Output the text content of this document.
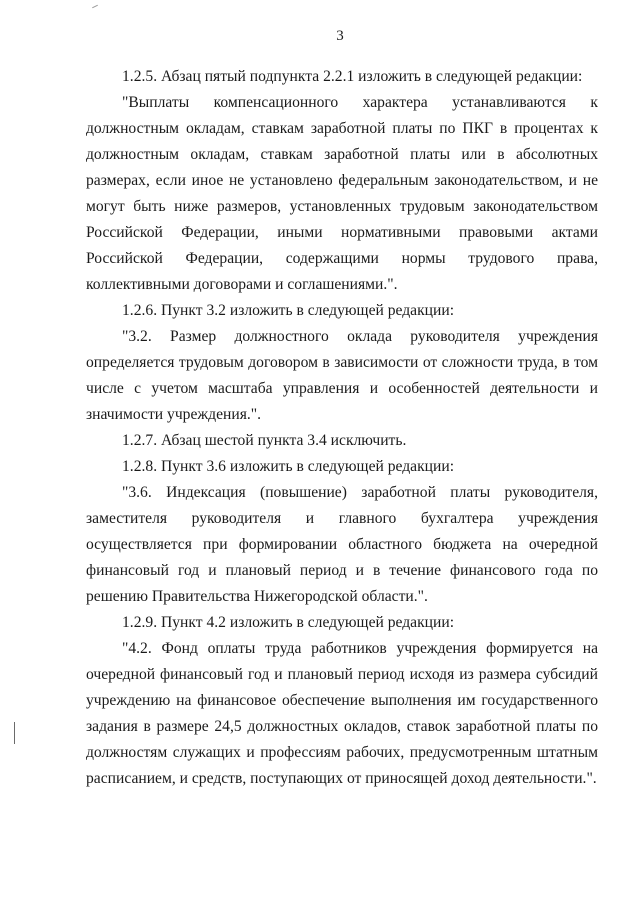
3

1.2.5. Абзац пятый подпункта 2.2.1 изложить в следующей редакции:

"Выплаты компенсационного характера устанавливаются к должностным окладам, ставкам заработной платы по ПКГ в процентах к должностным окладам, ставкам заработной платы или в абсолютных размерах, если иное не установлено федеральным законодательством, и не могут быть ниже размеров, установленных трудовым законодательством Российской Федерации, иными нормативными правовыми актами Российской Федерации, содержащими нормы трудового права, коллективными договорами и соглашениями.".

1.2.6. Пункт 3.2 изложить в следующей редакции:

"3.2. Размер должностного оклада руководителя учреждения определяется трудовым договором в зависимости от сложности труда, в том числе с учетом масштаба управления и особенностей деятельности и значимости учреждения.".

1.2.7. Абзац шестой пункта 3.4 исключить.

1.2.8. Пункт 3.6 изложить в следующей редакции:

"3.6. Индексация (повышение) заработной платы руководителя, заместителя руководителя и главного бухгалтера учреждения осуществляется при формировании областного бюджета на очередной финансовый год и плановый период и в течение финансового года по решению Правительства Нижегородской области.".

1.2.9. Пункт 4.2 изложить в следующей редакции:

"4.2. Фонд оплаты труда работников учреждения формируется на очередной финансовый год и плановый период исходя из размера субсидий учреждению на финансовое обеспечение выполнения им государственного задания в размере 24,5 должностных окладов, ставок заработной платы по должностям служащих и профессиям рабочих, предусмотренным штатным расписанием, и средств, поступающих от приносящей доход деятельности.".
